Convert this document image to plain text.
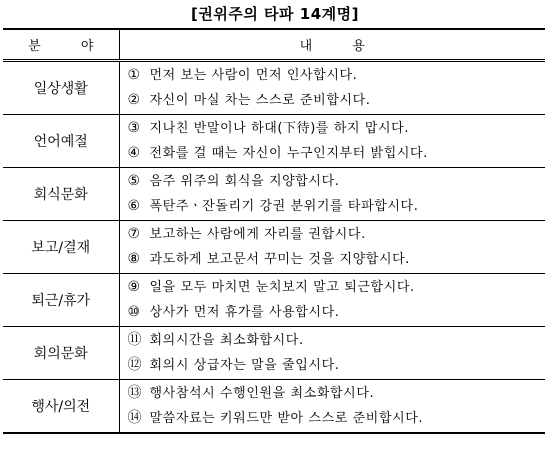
[권위주의 타파 14계명]
분 야	내 용
일상생활	① 먼저 보는 사람이 먼저 인사합시다.
② 자신이 마실 차는 스스로 준비합시다.

언어예절	③ 지나친 반말이나 하대(下待)를 하지 맙시다.
④ 전화를 걸 때는 자신이 누구인지부터 밝힙시다.

회식문화	⑤ 음주 위주의 회식을 지양합시다.
⑥ 폭탄주ㆍ잔돌리기 강권 분위기를 타파합시다.

보고/결재	⑦ 보고하는 사람에게 자리를 권합시다.
⑧ 과도하게 보고문서 꾸미는 것을 지양합시다.

퇴근/휴가	⑨ 일을 모두 마치면 눈치보지 말고 퇴근합시다.
⑩ 상사가 먼저 휴가를 사용합시다.

회의문화	⑪ 회의시간을 최소화합시다.
⑫ 회의시 상급자는 말을 줄입시다.

행사/의전	⑬ 행사참석시 수행인원을 최소화합시다.
⑭ 말씀자료는 키워드만 받아 스스로 준비합시다.
